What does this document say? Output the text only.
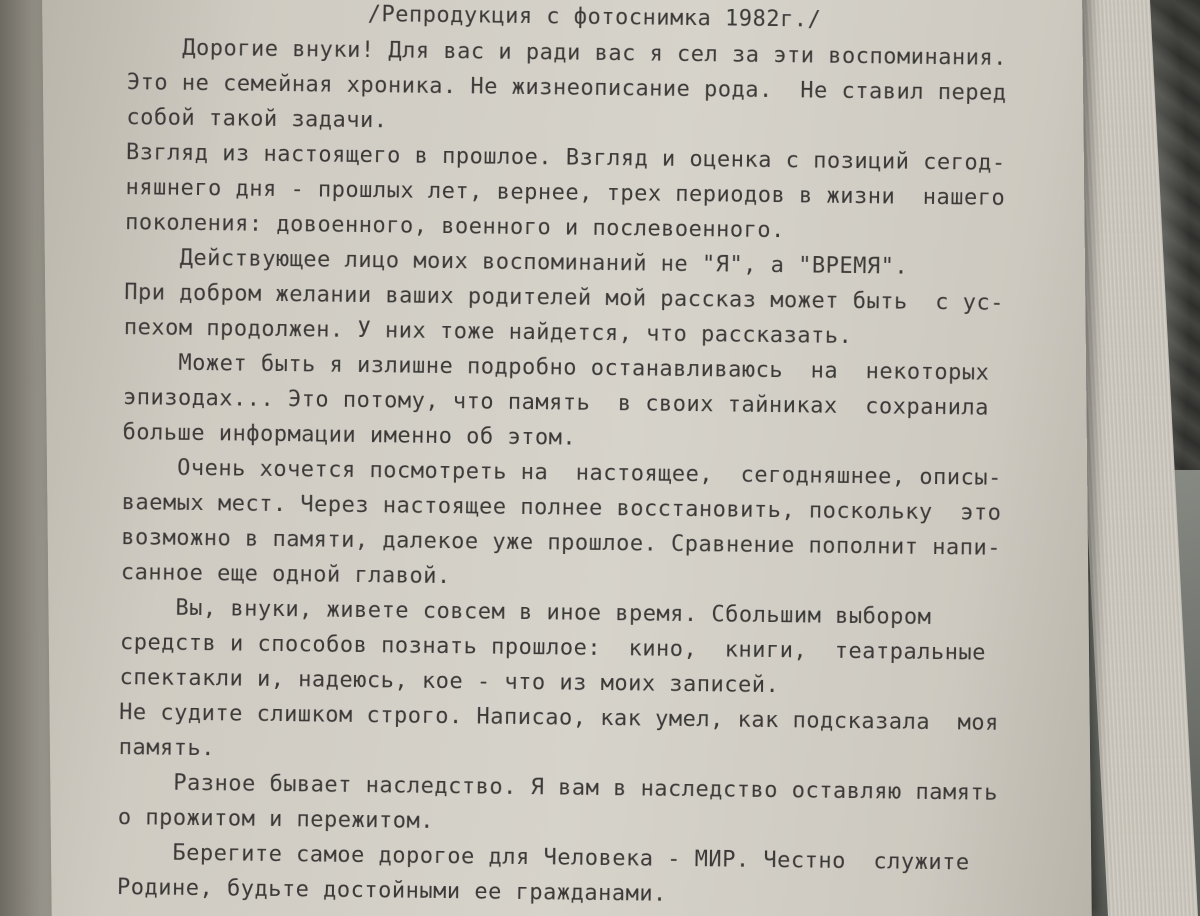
/Репродукция с фотоснимка 1982г./
Дорогие внуки! Для вас и ради вас я сел за эти воспоминания.
Это не семейная хроника. Не жизнеописание рода.  Не ставил перед
собой такой задачи.
Взгляд из настоящего в прошлое. Взгляд и оценка с позиций сегод-
няшнего дня - прошлых лет, вернее, трех периодов в жизни  нашего
поколения: довоенного, военного и послевоенного.
Действующее лицо моих воспоминаний не "Я", а "ВРЕМЯ".
При добром желании ваших родителей мой рассказ может быть  с ус-
пехом продолжен. У них тоже найдется, что рассказать.
Может быть я излишне подробно останавливаюсь  на  некоторых
эпизодах... Это потому, что память  в своих тайниках  сохранила
больше информации именно об этом.
Очень хочется посмотреть на  настоящее,  сегодняшнее, описы-
ваемых мест. Через настоящее полнее восстановить, поскольку  это
возможно в памяти, далекое уже прошлое. Сравнение пополнит напи-
санное еще одной главой.
Вы, внуки, живете совсем в иное время. Сбольшим выбором
средств и способов познать прошлое:  кино,  книги,  театральные
спектакли и, надеюсь, кое - что из моих записей.
Не судите слишком строго. Написао, как умел, как подсказала  моя
память.
Разное бывает наследство. Я вам в наследство оставляю память
о прожитом и пережитом.
Берегите самое дорогое для Человека - МИР. Честно  служите
Родине, будьте достойными ее гражданами.
